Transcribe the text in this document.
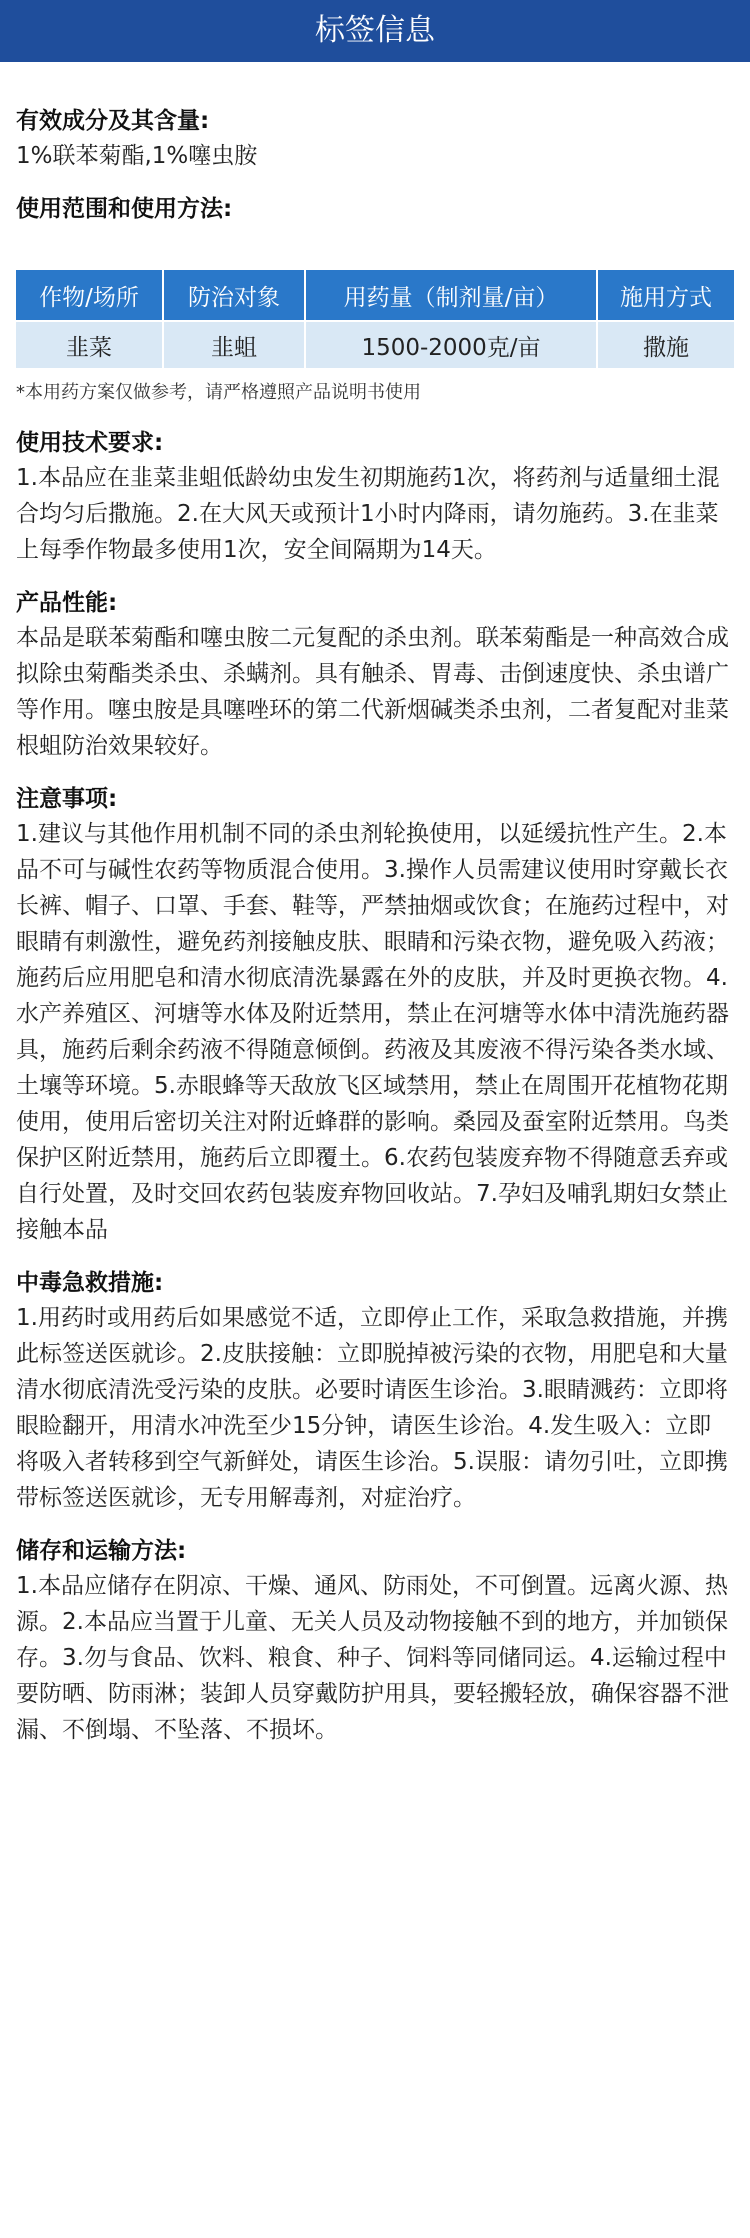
标签信息

有效成分及其含量:

1%联苯菊酯,1%噻虫胺

使用范围和使用方法:

作物/场所	防治对象	用药量（制剂量/亩）	施用方式
韭菜	韭蛆	1500-2000克/亩	撒施

*本用药方案仅做参考，请严格遵照产品说明书使用

使用技术要求:

1.本品应在韭菜韭蛆低龄幼虫发生初期施药1次，将药剂与适量细土混合均匀后撒施。2.在大风天或预计1小时内降雨，请勿施药。3.在韭菜上每季作物最多使用1次，安全间隔期为14天。

产品性能:

本品是联苯菊酯和噻虫胺二元复配的杀虫剂。联苯菊酯是一种高效合成拟除虫菊酯类杀虫、杀螨剂。具有触杀、胃毒、击倒速度快、杀虫谱广等作用。噻虫胺是具噻唑环的第二代新烟碱类杀虫剂，二者复配对韭菜根蛆防治效果较好。

注意事项:

1.建议与其他作用机制不同的杀虫剂轮换使用，以延缓抗性产生。2.本品不可与碱性农药等物质混合使用。3.操作人员需建议使用时穿戴长衣长裤、帽子、口罩、手套、鞋等，严禁抽烟或饮食；在施药过程中，对眼睛有刺激性，避免药剂接触皮肤、眼睛和污染衣物，避免吸入药液；施药后应用肥皂和清水彻底清洗暴露在外的皮肤，并及时更换衣物。4.水产养殖区、河塘等水体及附近禁用，禁止在河塘等水体中清洗施药器具，施药后剩余药液不得随意倾倒。药液及其废液不得污染各类水域、土壤等环境。5.赤眼蜂等天敌放飞区域禁用，禁止在周围开花植物花期使用，使用后密切关注对附近蜂群的影响。桑园及蚕室附近禁用。鸟类保护区附近禁用，施药后立即覆土。6.农药包装废弃物不得随意丢弃或自行处置，及时交回农药包装废弃物回收站。7.孕妇及哺乳期妇女禁止接触本品

中毒急救措施:

1.用药时或用药后如果感觉不适，立即停止工作，采取急救措施，并携此标签送医就诊。2.皮肤接触：立即脱掉被污染的衣物，用肥皂和大量清水彻底清洗受污染的皮肤。必要时请医生诊治。3.眼睛溅药：立即将眼睑翻开，用清水冲洗至少15分钟，请医生诊治。4.发生吸入：立即将吸入者转移到空气新鲜处，请医生诊治。5.误服：请勿引吐，立即携带标签送医就诊，无专用解毒剂，对症治疗。

储存和运输方法:

1.本品应储存在阴凉、干燥、通风、防雨处，不可倒置。远离火源、热源。2.本品应当置于儿童、无关人员及动物接触不到的地方，并加锁保存。3.勿与食品、饮料、粮食、种子、饲料等同储同运。4.运输过程中要防晒、防雨淋；装卸人员穿戴防护用具，要轻搬轻放，确保容器不泄漏、不倒塌、不坠落、不损坏。
